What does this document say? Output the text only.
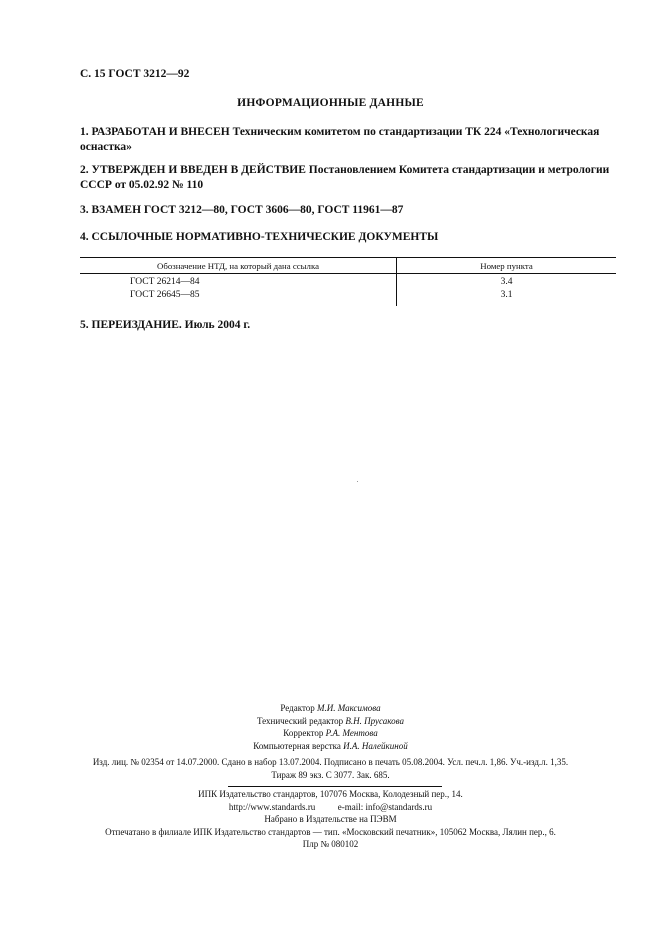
С. 15 ГОСТ 3212—92
ИНФОРМАЦИОННЫЕ ДАННЫЕ
1. РАЗРАБОТАН И ВНЕСЕН Техническим комитетом по стандартизации ТК 224 «Технологическая оснастка»
2. УТВЕРЖДЕН И ВВЕДЕН В ДЕЙСТВИЕ Постановлением Комитета стандартизации и метрологии СССР от 05.02.92 № 110
3. ВЗАМЕН ГОСТ 3212—80, ГОСТ 3606—80, ГОСТ 11961—87
4. ССЫЛОЧНЫЕ НОРМАТИВНО-ТЕХНИЧЕСКИЕ ДОКУМЕНТЫ
Обозначение НТД, на который дана ссылка	Номер пункта
ГОСТ 26214—84	3.4
ГОСТ 26645—85	3.1
5. ПЕРЕИЗДАНИЕ. Июль 2004 г.
Редактор М.И. Максимова
Технический редактор В.Н. Прусакова
Корректор Р.А. Ментова
Компьютерная верстка И.А. Налейкиной
Изд. лиц. № 02354 от 14.07.2000. Сдано в набор 13.07.2004. Подписано в печать 05.08.2004. Усл. печ.л. 1,86. Уч.-изд.л. 1,35.
Тираж 89 экз. С 3077. Зак. 685.
ИПК Издательство стандартов, 107076 Москва, Колодезный пер., 14.
http://www.standards.ru          e-mail: info@standards.ru
Набрано в Издательстве на ПЭВМ
Отпечатано в филиале ИПК Издательство стандартов — тип. «Московский печатник», 105062 Москва, Лялин пер., 6.
Плр № 080102
